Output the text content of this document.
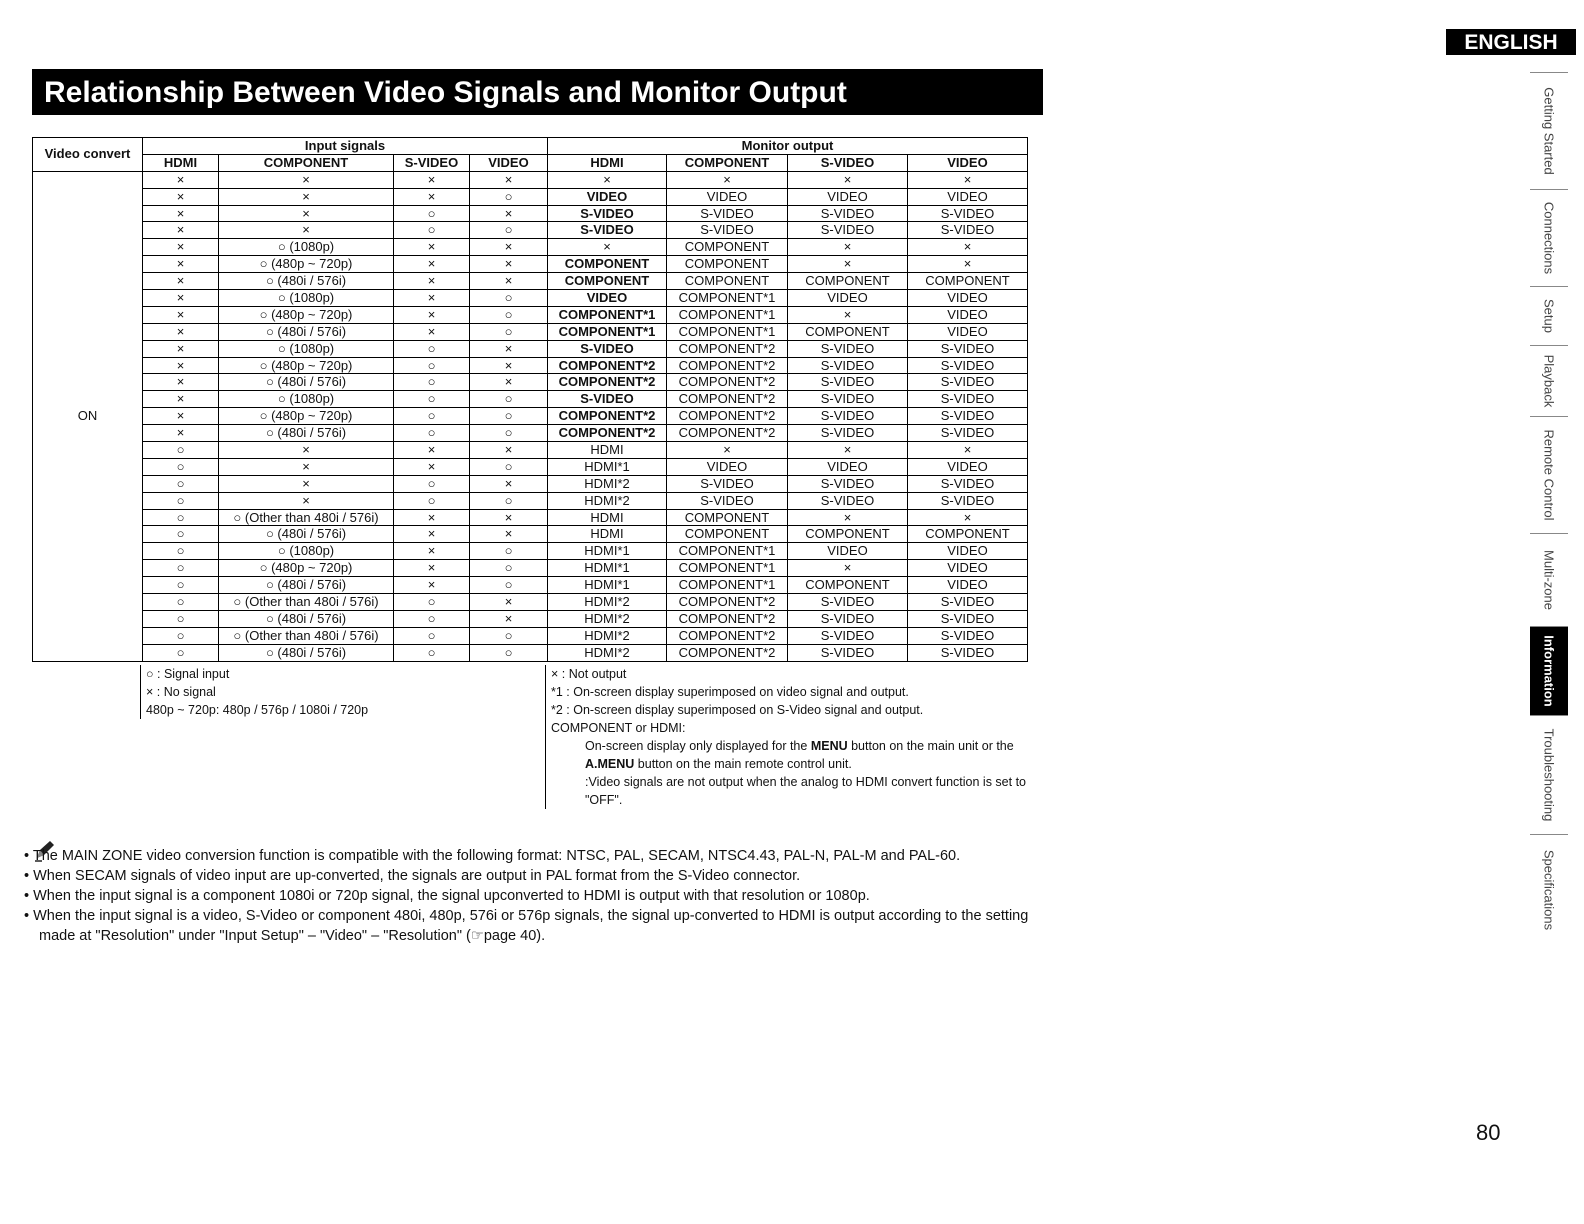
ENGLISH
Relationship Between Video Signals and Monitor Output
Video convert	Input signals				Monitor output			
	HDMI	COMPONENT	S-VIDEO	VIDEO	HDMI	COMPONENT	S-VIDEO	VIDEO
ON	×	×	×	×	×	×	×	×
	×	×	×	○	VIDEO	VIDEO	VIDEO	VIDEO
	×	×	○	×	S-VIDEO	S-VIDEO	S-VIDEO	S-VIDEO
	×	×	○	○	S-VIDEO	S-VIDEO	S-VIDEO	S-VIDEO
	×	○ (1080p)	×	×	×	COMPONENT	×	×
	×	○ (480p ~ 720p)	×	×	COMPONENT	COMPONENT	×	×
	×	○ (480i / 576i)	×	×	COMPONENT	COMPONENT	COMPONENT	COMPONENT
	×	○ (1080p)	×	○	VIDEO	COMPONENT*1	VIDEO	VIDEO
	×	○ (480p ~ 720p)	×	○	COMPONENT*1	COMPONENT*1	×	VIDEO
	×	○ (480i / 576i)	×	○	COMPONENT*1	COMPONENT*1	COMPONENT	VIDEO
	×	○ (1080p)	○	×	S-VIDEO	COMPONENT*2	S-VIDEO	S-VIDEO
	×	○ (480p ~ 720p)	○	×	COMPONENT*2	COMPONENT*2	S-VIDEO	S-VIDEO
	×	○ (480i / 576i)	○	×	COMPONENT*2	COMPONENT*2	S-VIDEO	S-VIDEO
	×	○ (1080p)	○	○	S-VIDEO	COMPONENT*2	S-VIDEO	S-VIDEO
	×	○ (480p ~ 720p)	○	○	COMPONENT*2	COMPONENT*2	S-VIDEO	S-VIDEO
	×	○ (480i / 576i)	○	○	COMPONENT*2	COMPONENT*2	S-VIDEO	S-VIDEO
	○	×	×	×	HDMI	×	×	×
	○	×	×	○	HDMI*1	VIDEO	VIDEO	VIDEO
	○	×	○	×	HDMI*2	S-VIDEO	S-VIDEO	S-VIDEO
	○	×	○	○	HDMI*2	S-VIDEO	S-VIDEO	S-VIDEO
	○	○ (Other than 480i / 576i)	×	×	HDMI	COMPONENT	×	×
	○	○ (480i / 576i)	×	×	HDMI	COMPONENT	COMPONENT	COMPONENT
	○	○ (1080p)	×	○	HDMI*1	COMPONENT*1	VIDEO	VIDEO
	○	○ (480p ~ 720p)	×	○	HDMI*1	COMPONENT*1	×	VIDEO
	○	○ (480i / 576i)	×	○	HDMI*1	COMPONENT*1	COMPONENT	VIDEO
	○	○ (Other than 480i / 576i)	○	×	HDMI*2	COMPONENT*2	S-VIDEO	S-VIDEO
	○	○ (480i / 576i)	○	×	HDMI*2	COMPONENT*2	S-VIDEO	S-VIDEO
	○	○ (Other than 480i / 576i)	○	○	HDMI*2	COMPONENT*2	S-VIDEO	S-VIDEO
	○	○ (480i / 576i)	○	○	HDMI*2	COMPONENT*2	S-VIDEO	S-VIDEO
○ : Signal input
× : No signal
480p ~ 720p: 480p / 576p / 1080i / 720p
× : Not output
*1 : On-screen display superimposed on video signal and output.
*2 : On-screen display superimposed on S-Video signal and output.
COMPONENT or HDMI:
On-screen display only displayed for the MENU button on the main unit or the A.MENU button on the main remote control unit.
:Video signals are not output when the analog to HDMI convert function is set to "OFF".
• The MAIN ZONE video conversion function is compatible with the following format: NTSC, PAL, SECAM, NTSC4.43, PAL-N, PAL-M and PAL-60.
• When SECAM signals of video input are up-converted, the signals are output in PAL format from the S-Video connector.
• When the input signal is a component 1080i or 720p signal, the signal upconverted to HDMI is output with that resolution or 1080p.
• When the input signal is a video, S-Video or component 480i, 480p, 576i or 576p signals, the signal up-converted to HDMI is output according to the setting made at "Resolution" under "Input Setup" – "Video" – "Resolution" (☞page 40).
Getting Started
Connections
Setup
Playback
Remote Control
Multi-zone
Information
Troubleshooting
Specifications
80
